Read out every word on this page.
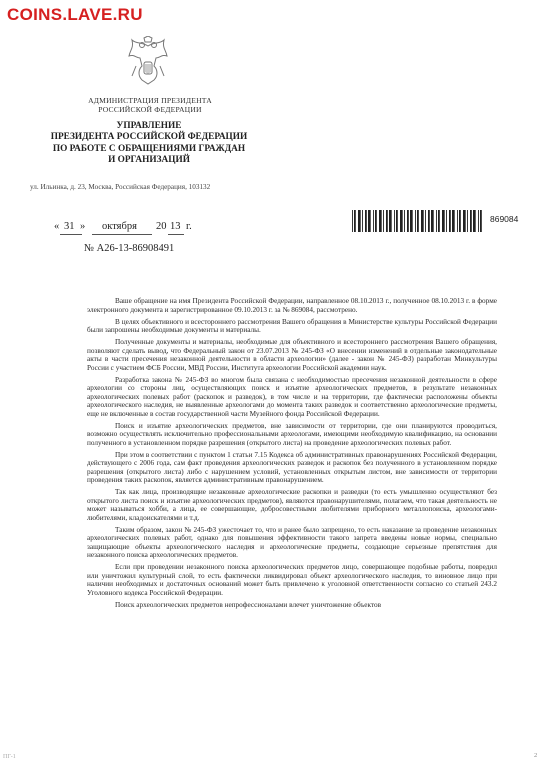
COINS.LAVE.RU
АДМИНИСТРАЦИЯ ПРЕЗИДЕНТА
РОССИЙСКОЙ ФЕДЕРАЦИИ
УПРАВЛЕНИЕ
ПРЕЗИДЕНТА РОССИЙСКОЙ ФЕДЕРАЦИИ
ПО РАБОТЕ С ОБРАЩЕНИЯМИ ГРАЖДАН
И ОРГАНИЗАЦИЙ
ул. Ильинка, д. 23, Москва, Российская Федерация, 103132
« 31 » октября 20 13 г.
869084
№ А26-13-86908491

Ваше обращение на имя Президента Российской Федерации, направленное 08.10.2013 г., полученное 08.10.2013 г. в форме электронного документа и зарегистрированное 09.10.2013 г. за № 869084, рассмотрено.

В целях объективного и всестороннего рассмотрения Вашего обращения в Министерстве культуры Российской Федерации были запрошены необходимые документы и материалы.

Полученные документы и материалы, необходимые для объективного и всестороннего рассмотрения Вашего обращения, позволяют сделать вывод, что Федеральный закон от 23.07.2013 № 245-ФЗ «О внесении изменений в отдельные законодательные акты в части пресечения незаконной деятельности в области археологии» (далее - закон № 245-ФЗ) разработан Минкультуры России с участием ФСБ России, МВД России, Института археологии Российской академии наук.

Разработка закона № 245-ФЗ во многом была связана с необходимостью пресечения незаконной деятельности в сфере археологии со стороны лиц, осуществляющих поиск и изъятие археологических предметов, в результате незаконных археологических полевых работ (раскопок и разведок), в том числе и на территории, где фактически расположены объекты археологического наследия, не выявленные археологами до момента таких разведок и соответственно археологические предметы, еще не включенные в состав государственной части Музейного фонда Российской Федерации.

Поиск и изъятие археологических предметов, вне зависимости от территории, где они планируются проводиться, возможно осуществлять исключительно профессиональными археологами, имеющими необходимую квалификацию, на основании полученного в установленном порядке разрешения (открытого листа) на проведение археологических полевых работ.

При этом в соответствии с пунктом 1 статьи 7.15 Кодекса об административных правонарушениях Российской Федерации, действующего с 2006 года, сам факт проведения археологических разведок и раскопок без полученного в установленном порядке разрешения (открытого листа) либо с нарушением условий, установленных открытым листом, вне зависимости от территории проведения таких раскопок, является административным правонарушением.

Так как лица, производящие незаконные археологические раскопки и разведки (то есть умышленно осуществляют без открытого листа поиск и изъятие археологических предметов), являются правонарушителями, полагаем, что такая деятельность не может называться хобби, а лица, ее совершающие, добросовестными любителями приборного металлопоиска, археологами- любителями, кладоискателями и т.д.

Таким образом, закон № 245-ФЗ ужесточает то, что и ранее было запрещено, то есть наказание за проведение незаконных археологических полевых работ, однако для повышения эффективности такого запрета введены новые нормы, специально защищающие объекты археологического наследия и археологические предметы, создающие серьезные препятствия для незаконного поиска археологических предметов.

Если при проведении незаконного поиска археологических предметов лицо, совершающее подобные работы, повредил или уничтожил культурный слой, то есть фактически ликвидировал объект археологического наследия, то виновное лицо при наличии необходимых и достаточных оснований может быть привлечено к уголовной ответственности согласно со статьей 243.2 Уголовного кодекса Российской Федерации.

Поиск археологических предметов непрофессионалами влечет уничтожение объектов

ПГ-1	2
